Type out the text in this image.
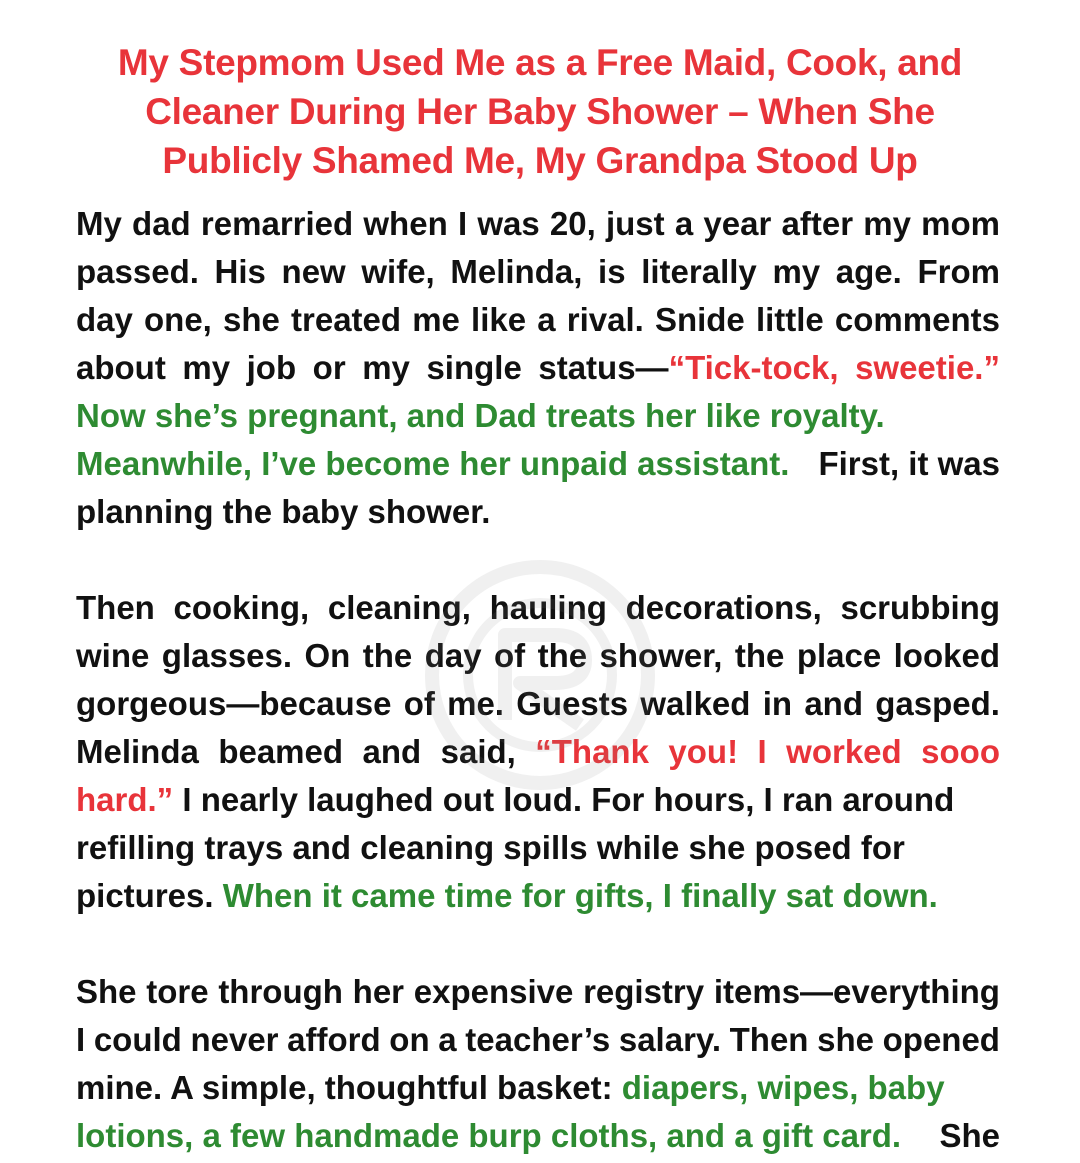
My Stepmom Used Me as a Free Maid, Cook, and
Cleaner During Her Baby Shower – When She
Publicly Shamed Me, My Grandpa Stood Up
My dad remarried when I was 20, just a year after my mom
passed. His new wife, Melinda, is literally my age. From
day one, she treated me like a rival. Snide little comments
about my job or my single status—“Tick-tock, sweetie.”
Now she’s pregnant, and Dad treats her like royalty.
Meanwhile, I’ve become her unpaid assistant. First, it was
planning the baby shower.
Then cooking, cleaning, hauling decorations, scrubbing
wine glasses. On the day of the shower, the place looked
gorgeous—because of me. Guests walked in and gasped.
Melinda beamed and said, “Thank you! I worked sooo
hard.” I nearly laughed out loud. For hours, I ran around
refilling trays and cleaning spills while she posed for
pictures. When it came time for gifts, I finally sat down.
She tore through her expensive registry items—everything
I could never afford on a teacher’s salary. Then she opened
mine. A simple, thoughtful basket: diapers, wipes, baby
lotions, a few handmade burp cloths, and a gift card. She
